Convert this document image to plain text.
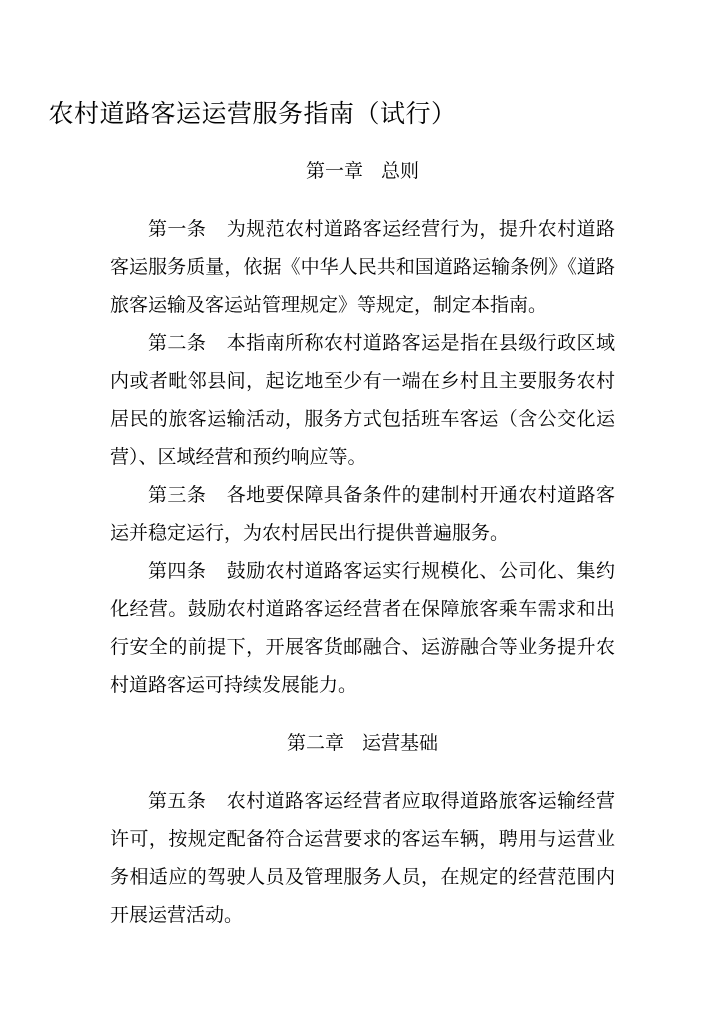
农村道路客运运营服务指南（试行）
第一章 总则

第一条 为规范农村道路客运经营行为，提升农村道路客运服务质量，依据《中华人民共和国道路运输条例》《道路旅客运输及客运站管理规定》等规定，制定本指南。

第二条 本指南所称农村道路客运是指在县级行政区域内或者毗邻县间，起讫地至少有一端在乡村且主要服务农村居民的旅客运输活动，服务方式包括班车客运（含公交化运营）、区域经营和预约响应等。

第三条 各地要保障具备条件的建制村开通农村道路客运并稳定运行，为农村居民出行提供普遍服务。

第四条 鼓励农村道路客运实行规模化、公司化、集约化经营。鼓励农村道路客运经营者在保障旅客乘车需求和出行安全的前提下，开展客货邮融合、运游融合等业务提升农村道路客运可持续发展能力。

第二章 运营基础

第五条 农村道路客运经营者应取得道路旅客运输经营许可，按规定配备符合运营要求的客运车辆，聘用与运营业务相适应的驾驶人员及管理服务人员，在规定的经营范围内开展运营活动。
